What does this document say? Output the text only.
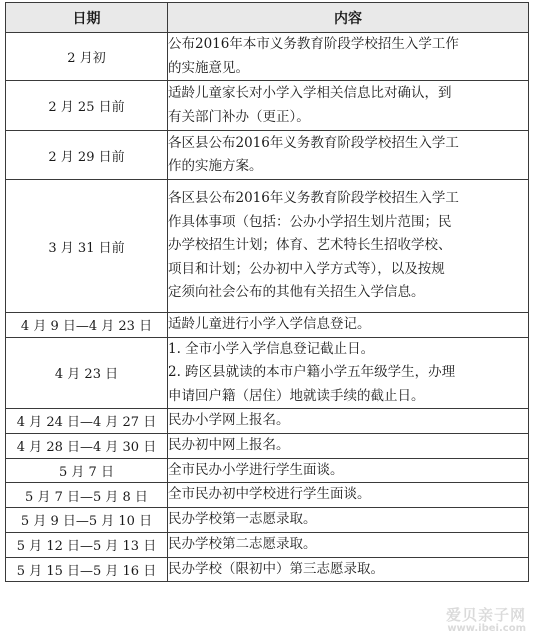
日期	内容
2 月初	公布2016年本市义务教育阶段学校招生入学工作
的实施意见。

2 月 25 日前	适龄儿童家长对小学入学相关信息比对确认，到
有关部门补办（更正）。

2 月 29 日前	各区县公布2016年义务教育阶段学校招生入学工
作的实施方案。

3 月 31 日前	各区县公布2016年义务教育阶段学校招生入学工
作具体事项（包括：公办小学招生划片范围；民
办学校招生计划；体育、艺术特长生招收学校、
项目和计划；公办初中入学方式等），以及按规
定须向社会公布的其他有关招生入学信息。

4 月 9 日—4 月 23 日	适龄儿童进行小学入学信息登记。

4 月 23 日	1. 全市小学入学信息登记截止日。
2. 跨区县就读的本市户籍小学五年级学生，办理
申请回户籍（居住）地就读手续的截止日。

4 月 24 日—4 月 27 日	民办小学网上报名。

4 月 28 日—4 月 30 日	民办初中网上报名。

5 月 7 日	全市民办小学进行学生面谈。

5 月 7 日—5 月 8 日	全市民办初中学校进行学生面谈。

5 月 9 日—5 月 10 日	民办学校第一志愿录取。

5 月 12 日—5 月 13 日	民办学校第二志愿录取。

5 月 15 日—5 月 16 日	民办学校（限初中）第三志愿录取。
爱贝亲子网
www.ibei.com
